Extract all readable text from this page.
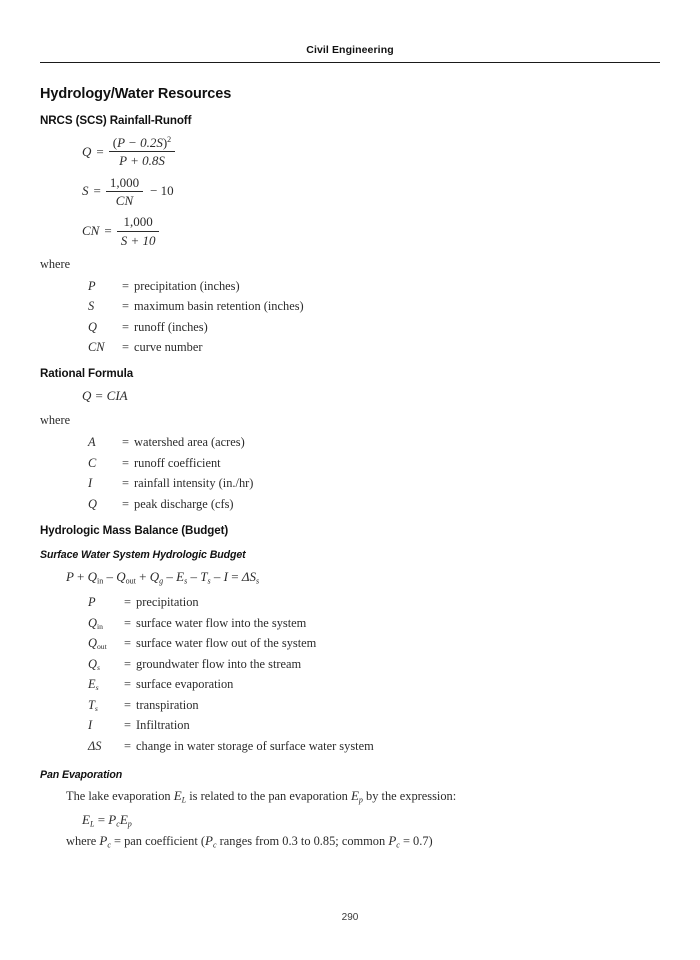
Civil Engineering
Hydrology/Water Resources
NRCS (SCS) Rainfall-Runoff
$Q = \frac{(P - 0.2S)^2}{P + 0.8S}$
$S = \frac{1,000}{CN} - 10$
CN = $\frac{1,000}{S + 10}$
where
P	= precipitation (inches)
S	= maximum basin retention (inches)
Q	= runoff (inches)
CN	= curve number
Rational Formula
Q = CIA
where
A	= watershed area (acres)
C	= runoff coefficient
I	= rainfall intensity (in./hr)
Q	= peak discharge (cfs)
Hydrologic Mass Balance (Budget)
Surface Water System Hydrologic Budget
$P + Q_{in} - Q_{out} + Q_g - E_s - T_s - I = \Delta S_s$
P	= precipitation
$Q_{in}$	= surface water flow into the system
$Q_{out}$	= surface water flow out of the system
$Q_s$	= groundwater flow into the stream
$E_s$	= surface evaporation
$T_s$	= transpiration
I	= Infiltration
ΔS	= change in water storage of surface water system
Pan Evaporation
The lake evaporation $E_L$ is related to the pan evaporation $E_p$ by the expression:
$E_L = P_cE_p$
where $P_c$ = pan coefficient ($P_c$ ranges from 0.3 to 0.85; common $P_c = 0.7$)
290
